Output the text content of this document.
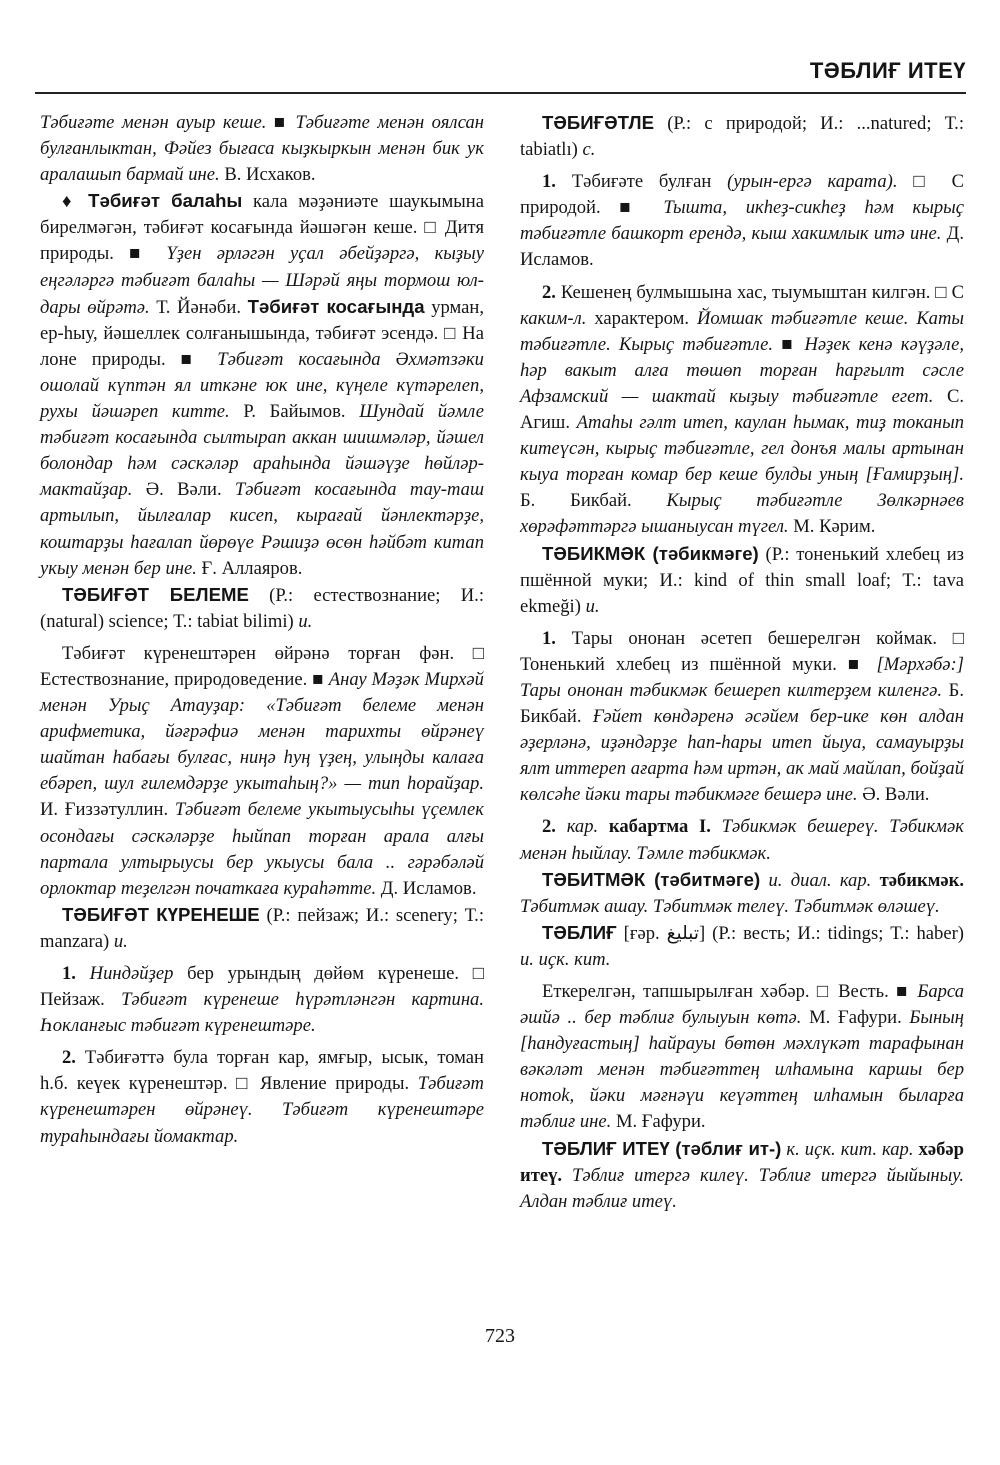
ТӘБЛИҒ ИТЕҮ

Тәбиғәте менән ауыр кеше. ■ Тәбиғәте менән оялсан булғанлыктан, Фәйез бығаса кыҙкыркын менән бик ук аралашып бармай ине. В. Исхаков.

♦ Тәбиғәт балаһы кала мәҙәниәте шаукымына бирелмәгән, тәбиғәт косағында йәшәгән кеше. □ Дитя природы. ■ Үҙен әрләгән уҫал әбейҙәргә, кыҙыу еңгәләргә тәбиғәт балаһы — Шәрәй яңы тормош юлдары өйрәтә. Т. Йәнәби. Тәбиғәт косағында урман, ер-һыу, йәшеллек солғанышында, тәбиғәт эсендә. □ На лоне природы. ■ Тәбиғәт косағында Әхмәтзәки ошолай күптән ял иткәне юк ине, күңеле күтәрелеп, рухы йәшәреп китте. Р. Байымов. Шундай йәмле тәбиғәт косағында сылтырап аккан шишмәләр, йәшел болондар һәм сәскәләр араһында йәшәүҙе һөйләр-мактайҙар. Ә. Вәли. Тәбиғәт косағында тау-таш артылып, йылғалар кисеп, кырағай йәнлектәрҙе, коштарҙы һағалап йөрөүе Рәшиҙә өсөн һәйбәт китап укыу менән бер ине. Ғ. Аллаяров.

ТӘБИҒӘТ БЕЛЕМЕ (Р.: естествознание; И.: (natural) science; Т.: tabiat bilimi) и.

Тәбиғәт күренештәрен өйрәнә торған фән. □ Естествознание, природоведение. ■ Анау Мәҙәк Мирхәй менән Урыҫ Атауҙар: «Тәбиғәт белеме менән арифметика, йәғрәфиә менән тарихты өйрәнеү шайтан һабағы булғас, ниңә һуң үҙең, улыңды калаға ебәреп, шул ғилемдәрҙе укытаһың?» — тип һорайҙар. И. Ғиззәтуллин. Тәбиғәт белеме укытыусыһы үҫемлек осондағы сәскәләрҙе һыйпап торған арала алғы партала ултырыусы бер укыусы бала .. гәрәбәләй орлоктар теҙелгән початкаға кураһәтте. Д. Исламов.

ТӘБИҒӘТ КҮРЕНЕШЕ (Р.: пейзаж; И.: scenery; Т.: manzara) и.

1. Ниндәйҙер бер урындың дөйөм күренеше. □ Пейзаж. Тәбиғәт күренеше һүрәтләнгән картина. Һокланғыс тәбиғәт күренештәре.

2. Тәбиғәттә була торған кар, ямғыр, ысык, томан һ.б. кеүек күренештәр. □ Явление природы. Тәбиғәт күренештәрен өйрәнеү. Тәбиғәт күренештәре тураһындағы йомактар.

ТӘБИҒӘТЛЕ (Р.: с природой; И.: ...natured; Т.: tabiatlı) с.

1. Тәбиғәте булған (урын-ергә карата). □ С природой. ■ Тыштa, икһеҙ-сикһеҙ һәм кырыҫ тәбиғәтле башкорт ерендә, кыш хакимлык итә ине. Д. Исламов.

2. Кешенең булмышына хас, тыумыштан килгән. □ С каким-л. характером. Йомшак тәбиғәтле кеше. Каты тәбиғәтле. Кырыҫ тәбиғәтле. ■ Нәҙек кенә кәүҙәле, һәр вакыт алға төшөп торған һарғылт сәсле Афзамский — шактай кыҙыу тәбиғәтле егет. С. Агиш. Атаһы гәлт итеп, каулан һымак, тиҙ токанып китеүсән, кырыҫ тәбиғәтле, гел донъя малы артынан кыуа торған комар бер кеше булды уның [Ғамирҙың]. Б. Бикбай. Кырыҫ тәбиғәтле Зөлкәрнәев хөрәфәттәргә ышаныусан түгел. М. Кәрим.

ТӘБИКМӘК (тәбикмәге) (Р.: тоненький хлебец из пшённой муки; И.: kind of thin small loaf; Т.: tava ekmeği) и.

1. Тары ононан әсетеп бешерелгән коймак. □ Тоненький хлебец из пшённой муки. ■ [Мәрхәбә:] Тары ононан тәбикмәк бешереп килтерҙем киленгә. Б. Бикбай. Ғәйет көндәренә әсәйем бер-ике көн алдан әҙерләнә, иҙәндәрҙе һап-һары итеп йыуа, самауырҙы ялт иттереп ағарта һәм иртән, ак май майлап, бойҙай көлсәһе йәки тары тәбикмәге бешерә ине. Ә. Вәли.

2. кар. кабартма I. Тәбикмәк бешереү. Тәбикмәк менән һыйлау. Тәмле тәбикмәк.

ТӘБИТМӘК (тәбитмәге) и. диал. кар. тәбикмәк. Тәбитмәк ашау. Тәбитмәк телеү. Тәбитмәк өләшеү.

ТӘБЛИҒ [ғәр. تبليغ] (Р.: весть; И.: tidings; Т.: haber) и. иҫк. кит.

Еткерелгән, тапшырылған хәбәр. □ Весть. ■ Барса әшйә .. бер тәблиғ булыуын көтә. М. Ғафури. Бының [һандуғастың] һайрауы бөтөн мәхлүкәт тарафынан вәкәләт менән тәбиғәттең илһамына каршы бер нотоk, йәки мәғнәүи кеүәттең илһамын быларға тәблиғ ине. М. Ғафури.

ТӘБЛИҒ ИТЕҮ (тәблиғ ит-) к. иҫк. кит. кар. хәбәр итеү. Тәблиғ итергә килеү. Тәблиғ итергә йыйыныу. Алдан тәблиғ итеү.

723
